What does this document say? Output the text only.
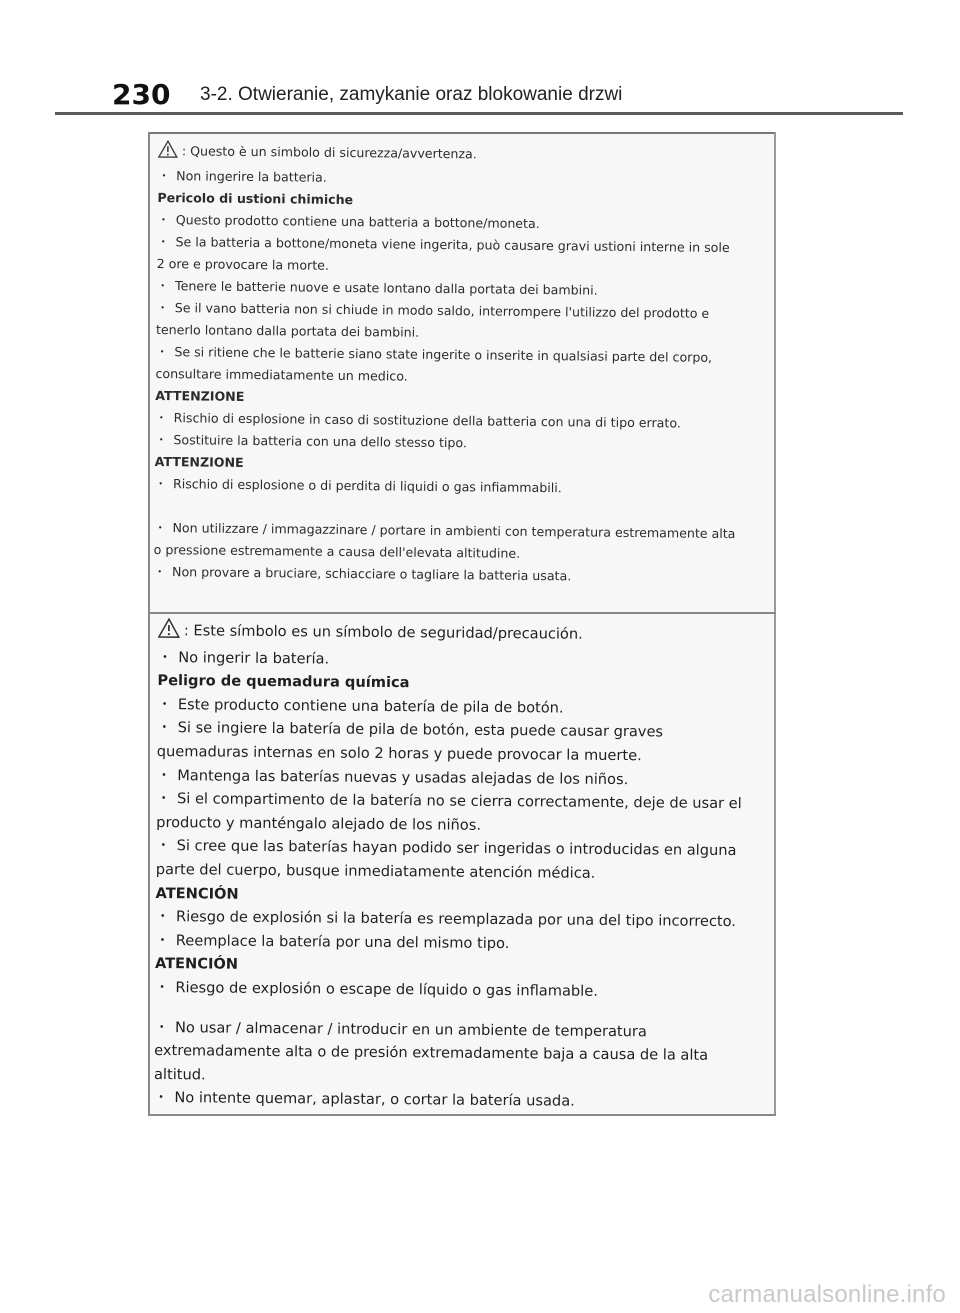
230 3-2. Otwieranie, zamykanie oraz blokowanie drzwi
: Questo è un simbolo di sicurezza/avvertenza.
・ Non ingerire la batteria.
Pericolo di ustioni chimiche
・ Questo prodotto contiene una batteria a bottone/moneta.
・ Se la batteria a bottone/moneta viene ingerita, può causare gravi ustioni interne in sole
2 ore e provocare la morte.
・ Tenere le batterie nuove e usate lontano dalla portata dei bambini.
・ Se il vano batteria non si chiude in modo saldo, interrompere l'utilizzo del prodotto e
tenerlo lontano dalla portata dei bambini.
・ Se si ritiene che le batterie siano state ingerite o inserite in qualsiasi parte del corpo,
consultare immediatamente un medico.
ATTENZIONE
・ Rischio di esplosione in caso di sostituzione della batteria con una di tipo errato.
・ Sostituire la batteria con una dello stesso tipo.
ATTENZIONE
・ Rischio di esplosione o di perdita di liquidi o gas infiammabili.
・ Non utilizzare / immagazzinare / portare in ambienti con temperatura estremamente alta
o pressione estremamente a causa dell'elevata altitudine.
・ Non provare a bruciare, schiacciare o tagliare la batteria usata.
: Este símbolo es un símbolo de seguridad/precaución.
・ No ingerir la batería.
Peligro de quemadura química
・ Este producto contiene una batería de pila de botón.
・ Si se ingiere la batería de pila de botón, esta puede causar graves
quemaduras internas en solo 2 horas y puede provocar la muerte.
・ Mantenga las baterías nuevas y usadas alejadas de los niños.
・ Si el compartimento de la batería no se cierra correctamente, deje de usar el
producto y manténgalo alejado de los niños.
・ Si cree que las baterías hayan podido ser ingeridas o introducidas en alguna
parte del cuerpo, busque inmediatamente atención médica.
ATENCIÓN
・ Riesgo de explosión si la batería es reemplazada por una del tipo incorrecto.
・ Reemplace la batería por una del mismo tipo.
ATENCIÓN
・ Riesgo de explosión o escape de líquido o gas inflamable.
・ No usar / almacenar / introducir en un ambiente de temperatura
extremadamente alta o de presión extremadamente baja a causa de la alta
altitud.
・ No intente quemar, aplastar, o cortar la batería usada.
carmanualsonline.info
